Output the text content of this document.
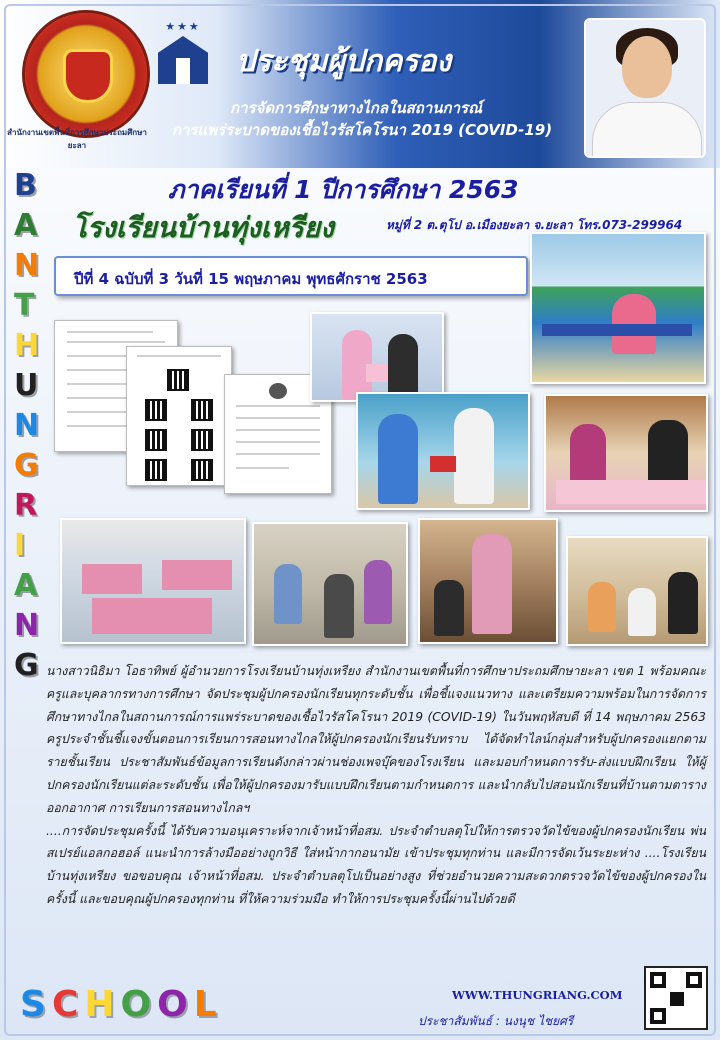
สำนักงานเขตพื้นที่การศึกษาประถมศึกษายะลา
★★★
ประชุมผู้ปกครอง
การจัดการศึกษาทางไกลในสถานการณ์
การแพร่ระบาดของเชื้อไวรัสโคโรนา 2019 (COVID-19)
ภาคเรียนที่ 1 ปีการศึกษา 2563
โรงเรียนบ้านทุ่งเหรียง	หมู่ที่ 2 ต.ตุโป อ.เมืองยะลา จ.ยะลา โทร.073-299964
B
A
N
T
H
U
N
G
R
I
A
N
G
ปีที่ 4 ฉบับที่ 3 วันที่ 15 พฤษภาคม พุทธศักราช 2563

นางสาวนิธิมา โอธาทิพย์ ผู้อำนวยการโรงเรียนบ้านทุ่งเหรียง สำนักงานเขตพื้นที่การศึกษาประถมศึกษายะลา เขต 1 พร้อมคณะครูและบุคลากรทางการศึกษา จัดประชุมผู้ปกครองนักเรียนทุกระดับชั้น เพื่อชี้แจงแนวทาง และเตรียมความพร้อมในการจัดการศึกษาทางไกลในสถานการณ์การแพร่ระบาดของเชื้อไวรัสโคโรนา 2019 (COVID-19) ในวันพฤหัสบดี ที่ 14 พฤษภาคม 2563 ครูประจำชั้นชี้แจงขั้นตอนการเรียนการสอนทางไกลให้ผู้ปกครองนักเรียนรับทราบ ได้จัดทำไลน์กลุ่มสำหรับผู้ปกครองแยกตามรายชั้นเรียน ประชาสัมพันธ์ข้อมูลการเรียนดังกล่าวผ่านช่องเพจบุ๊คของโรงเรียน และมอบกำหนดการรับ-ส่งแบบฝึกเรียน ให้ผู้ปกครองนักเรียนแต่ละระดับชั้น เพื่อให้ผู้ปกครองมารับแบบฝึกเรียนตามกำหนดการ และนำกลับไปสอนนักเรียนที่บ้านตามตารางออกอากาศ การเรียนการสอนทางไกลฯ

....การจัดประชุมครั้งนี้ ได้รับความอนุเคราะห์จากเจ้าหน้าที่อสม. ประจำตำบลตุโปให้การตรวจวัดไข้ของผู้ปกครองนักเรียน พ่นสเปรย์แอลกอฮอล์ แนะนำการล้างมืออย่างถูกวิธี ใส่หน้ากากอนามัย เข้าประชุมทุกท่าน และมีการจัดเว้นระยะห่าง ....โรงเรียนบ้านทุ่งเหรียง ขอขอบคุณ เจ้าหน้าที่อสม. ประจำตำบลตุโปเป็นอย่างสูง ที่ช่วยอำนวยความสะดวกตรวจวัดไข้ของผู้ปกครองในครั้งนี้ และขอบคุณผู้ปกครองทุกท่าน ที่ให้ความร่วมมือ ทำให้การประชุมครั้งนี้ผ่านไปด้วยดี

SCHOOL	WWW.THUNGRIANG.COM
ประชาสัมพันธ์ : นงนุช ไชยศรี
